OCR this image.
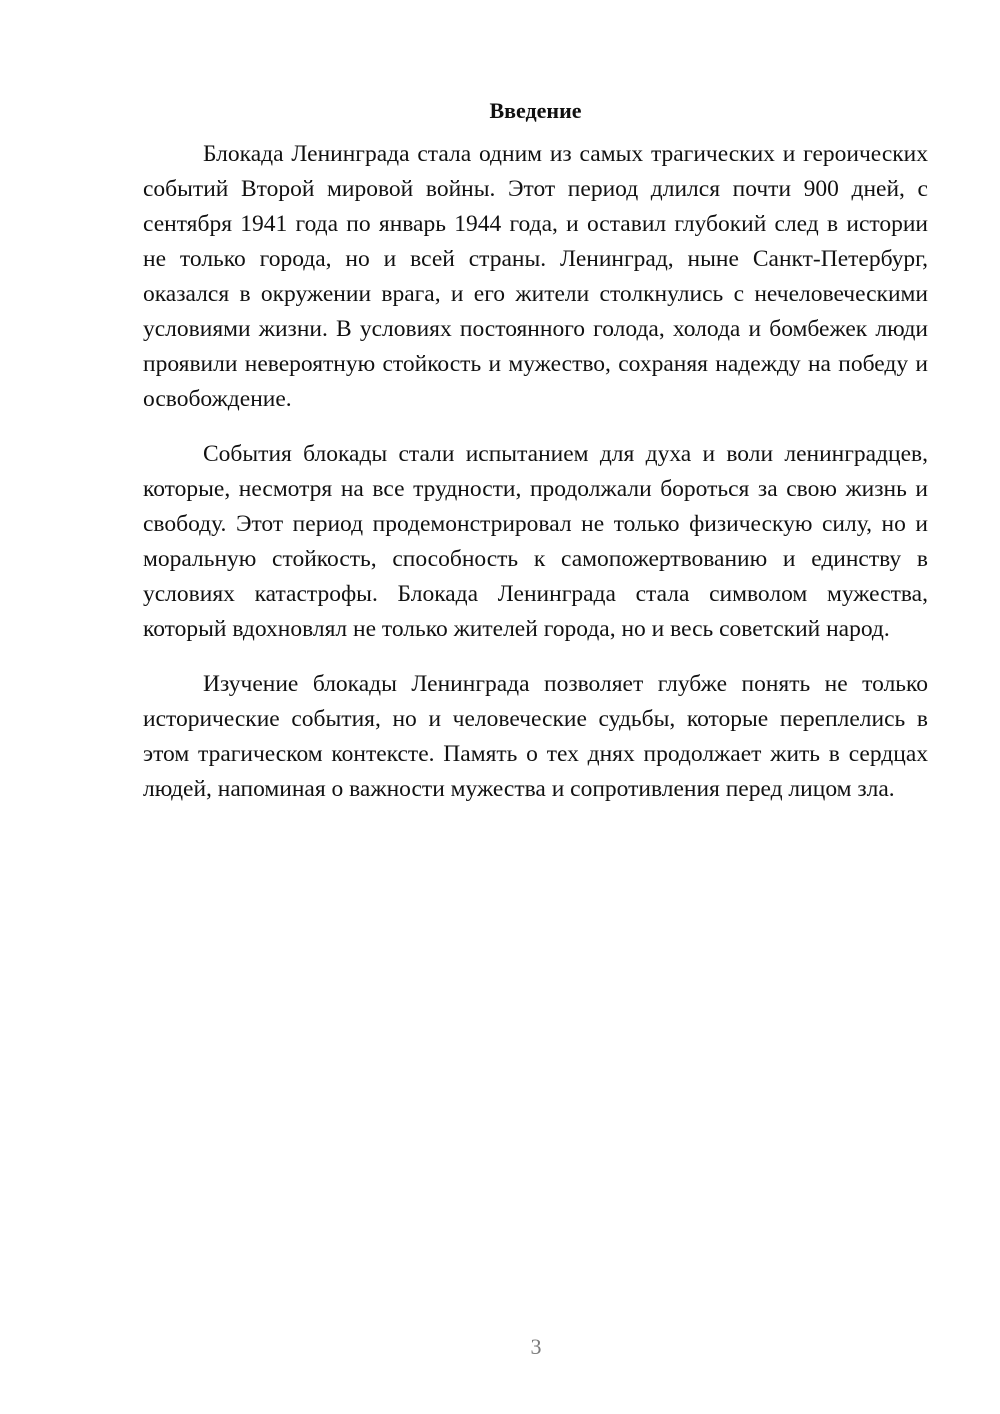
Введение

Блокада Ленинграда стала одним из самых трагических и героических событий Второй мировой войны. Этот период длился почти 900 дней, с сентября 1941 года по январь 1944 года, и оставил глубокий след в истории не только города, но и всей страны. Ленинград, ныне Санкт-Петербург, оказался в окружении врага, и его жители столкнулись с нечеловеческими условиями жизни. В условиях постоянного голода, холода и бомбежек люди проявили невероятную стойкость и мужество, сохраняя надежду на победу и освобождение.

События блокады стали испытанием для духа и воли ленинградцев, которые, несмотря на все трудности, продолжали бороться за свою жизнь и свободу. Этот период продемонстрировал не только физическую силу, но и моральную стойкость, способность к самопожертвованию и единству в условиях катастрофы. Блокада Ленинграда стала символом мужества, который вдохновлял не только жителей города, но и весь советский народ.

Изучение блокады Ленинграда позволяет глубже понять не только исторические события, но и человеческие судьбы, которые переплелись в этом трагическом контексте. Память о тех днях продолжает жить в сердцах людей, напоминая о важности мужества и сопротивления перед лицом зла.

3
